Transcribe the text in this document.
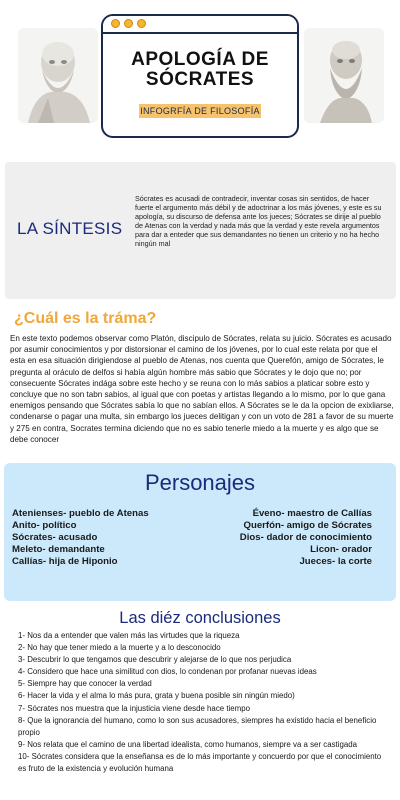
APOLOGÍA DE
SÓCRATES
INFOGRFÍA DE FILOSOFÍA
LA SÍNTESIS

Sócrates es acusadi de contradecir, inventar cosas sin sentidos, de hacer fuerte el argumento más débil y de adoctrinar a los más jóvenes, y este es su apología, su discurso de defensa ante los jueces; Sócrates se dirije al pueblo de Atenas con la verdad y nada más que la verdad y este revela argumentos para dar a enteder que sus demandantes no tienen un criterio y no ha hecho ningún mal

¿Cuál es la tráma?

En este texto podemos observar como Platón, discipulo de Sócrates, relata su juicio. Sócrates es acusado por asumir conocimientos y por distorsionar el camino de los jóvenes, por lo cual este relata por que el esta en esa situación dirigiendose al pueblo de Atenas, nos cuenta que Querefón, amigo de Sócrates, le pregunta al oráculo de delfos si había algún hombre más sabio que Sócrates y le dojo que no; por consecuente Sócrates indága sobre este hecho y se reuna con lo más sabios a platicar sobre esto y concluye que no son tabn sabios, al igual que con poetas y artistas llegando a lo mismo, por lo que gana enemigos pensando que Sócrates sabía lo que no sabían ellos. A Sócrates se le da la opcion de exixliarse, condenarse o pagar una multa, sin embargo los jueces delitigan y con un voto de 281 a favor de su muerte y 275 en contra, Socrates termina diciendo que no es sabio tenerle miedo a la muerte y es algo que se debe conocer

Personajes
Atenienses- pueblo de Atenas
Anito- político
Sócrates- acusado
Meleto- demandante
Callías- hija de Hiponio
Éveno- maestro de Callías
Querfón- amigo de Sócrates
Dios- dador de conocimiento
Licon- orador
Jueces- la corte
Las diéz conclusiones
1- Nos da a entender que valen más las virtudes que la riqueza
2- No hay que tener miedo a la muerte y a lo desconocido
3- Descubrir lo que tengamos que descubrir y alejarse de lo que nos perjudica
4- Considero que hace una similitud con dios, lo condenan por profanar nuevas ideas
5- Siempre hay que conocer la verdad
6- Hacer la vida y el alma lo más pura, grata y buena posible sin ningún miedo)
7- Sócrates nos muestra que la injusticia viene desde hace tiempo
8- Que la ignorancia del humano, como lo son sus acusadores, siempres ha existido hacia el beneficio propio
9- Nos relata que el camino de una libertad idealista, como humanos, siempre va a ser castigada
10- Sócrates considera que la enseñansa es de lo más importante y concuerdo por que el conocimiento es fruto de la existencia y evolución humana
